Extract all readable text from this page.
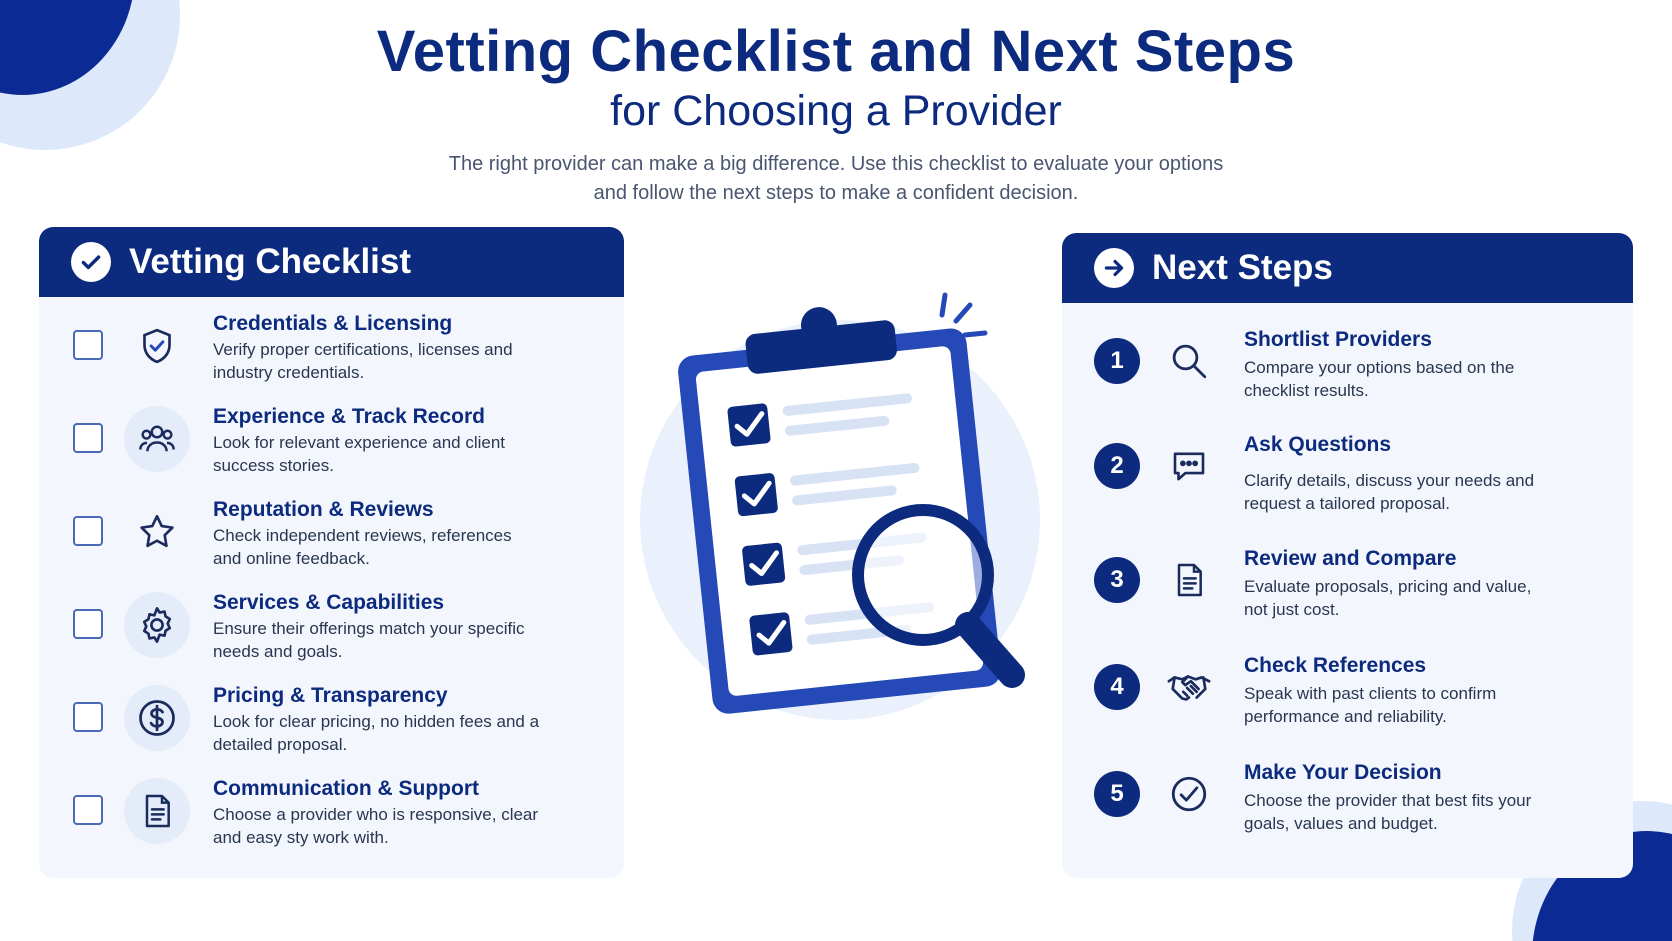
Vetting Checklist and Next Steps
for Choosing a Provider
The right provider can make a big difference. Use this checklist to evaluate your options
and follow the next steps to make a confident decision.
Vetting Checklist
Credentials & Licensing
Verify proper certifications, licenses and industry credentials.
Experience & Track Record
Look for relevant experience and client success stories.
Reputation & Reviews
Check independent reviews, references and online feedback.
Services & Capabilities
Ensure their offerings match your specific needs and goals.
Pricing & Transparency
Look for clear pricing, no hidden fees and a detailed proposal.
Communication & Support
Choose a provider who is responsive, clear and easy sty work with.
Next Steps
1
Shortlist Providers
Compare your options based on the checklist results.
2
Ask Questions
Clarify details, discuss your needs and request a tailored proposal.
3
Review and Compare
Evaluate proposals, pricing and value, not just cost.
4
Check References
Speak with past clients to confirm performance and reliability.
5
Make Your Decision
Choose the provider that best fits your goals, values and budget.
